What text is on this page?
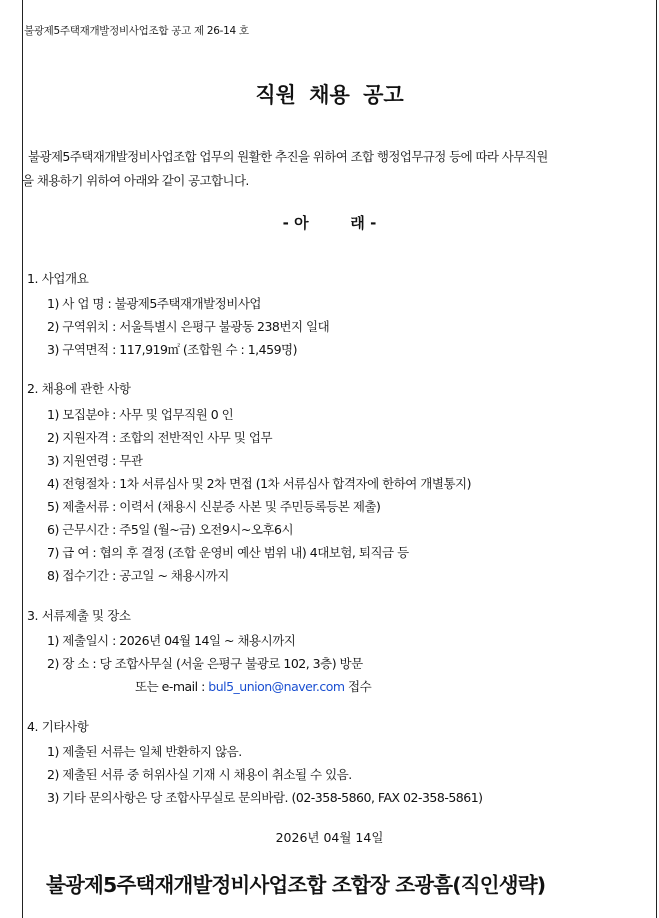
불광제5주택재개발정비사업조합 공고 제 26-14 호
직원 채용 공고
불광제5주택재개발정비사업조합 업무의 원활한 추진을 위하여 조합 행정업무규정 등에 따라 사무직원
을 채용하기 위하여 아래와 같이 공고합니다.
- 아        래 -
1. 사업개요
1) 사 업 명 : 불광제5주택재개발정비사업
2) 구역위치 : 서울특별시 은평구 불광동 238번지 일대
3) 구역면적 : 117,919㎡ (조합원 수 : 1,459명)
2. 채용에 관한 사항
1) 모집분야 : 사무 및 업무직원 0 인
2) 지원자격 : 조합의 전반적인 사무 및 업무
3) 지원연령 : 무관
4) 전형절차 : 1차 서류심사 및 2차 면접 (1차 서류심사 합격자에 한하여 개별통지)
5) 제출서류 : 이력서 (채용시 신분증 사본 및 주민등록등본 제출)
6) 근무시간 : 주5일 (월~금) 오전9시~오후6시
7) 급 여 : 협의 후 결정 (조합 운영비 예산 범위 내) 4대보험, 퇴직금 등
8) 접수기간 : 공고일 ~ 채용시까지
3. 서류제출 및 장소
1) 제출일시 : 2026년 04월 14일 ~ 채용시까지
2) 장 소 : 당 조합사무실 (서울 은평구 불광로 102, 3층) 방문
또는 e-mail : bul5_union@naver.com 접수
4. 기타사항
1) 제출된 서류는 일체 반환하지 않음.
2) 제출된 서류 중 허위사실 기재 시 채용이 취소될 수 있음.
3) 기타 문의사항은 당 조합사무실로 문의바람. (02-358-5860, FAX 02-358-5861)
2026년 04월 14일
불광제5주택재개발정비사업조합 조합장 조광흠(직인생략)
